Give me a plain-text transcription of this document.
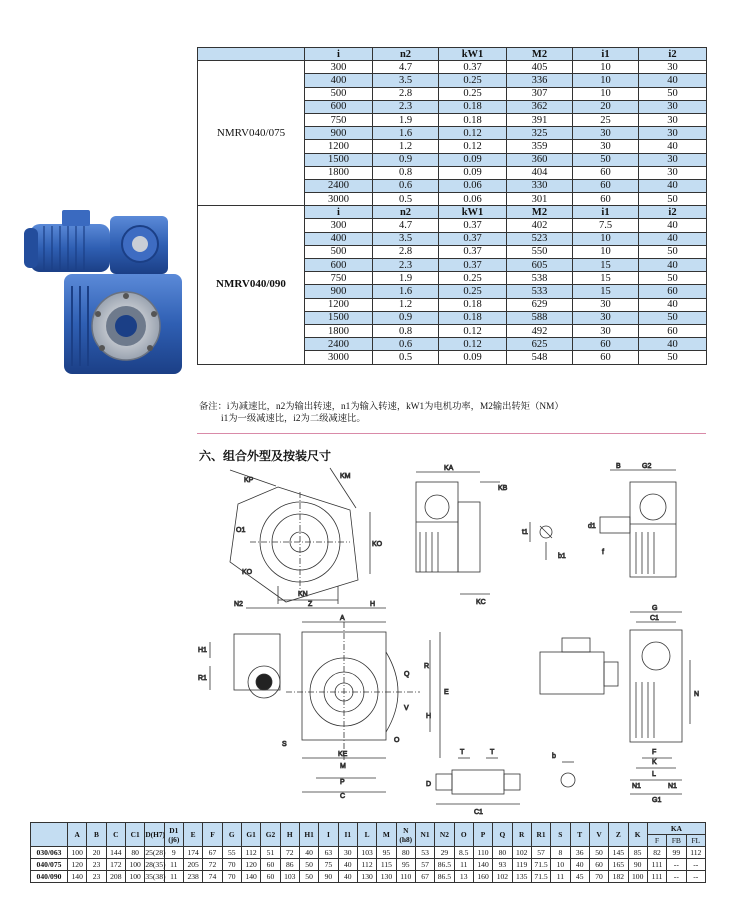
	i	n2	kW1	M2	i1	i2
NMRV040/075	300	4.7	0.37	405	10	30
	400	3.5	0.25	336	10	40
	500	2.8	0.25	307	10	50
	600	2.3	0.18	362	20	30
	750	1.9	0.18	391	25	30
	900	1.6	0.12	325	30	30
	1200	1.2	0.12	359	30	40
	1500	0.9	0.09	360	50	30
	1800	0.8	0.09	404	60	30
	2400	0.6	0.06	330	60	40
	3000	0.5	0.06	301	60	50
NMRV040/090	i	n2	kW1	M2	i1	i2
	300	4.7	0.37	402	7.5	40
	400	3.5	0.37	523	10	40
	500	2.8	0.37	550	10	50
	600	2.3	0.37	605	15	40
	750	1.9	0.25	538	15	50
	900	1.6	0.25	533	15	60
	1200	1.2	0.18	629	30	40
	1500	0.9	0.18	588	30	50
	1800	0.8	0.12	492	30	60
	2400	0.6	0.12	625	60	40
	3000	0.5	0.09	548	60	50
备注：i为减速比，n2为输出转速，n1为输入转速，kW1为电机功率，M2输出转矩（NM）
i1为一级减速比，i2为二级减速比。
六、组合外型及按装尺寸
KP
KM
O1
KO
KO
KN
KA
KB
KC
t1
b1
B	G2
d1
f
N2	Z	H
A
H1
R1
S
Q
R
E
V
H
O
KE
M
P
C
T	T
D
C1
b
G
C1
N
F
K
L
N1	N1
G1
	A	B	C	C1	D(H7)	D1 (j6)	E	F	G	G1	G2	H	H1	I	I1	L	M	N (h8)	N1	N2	O	P	Q	R	R1	S	T	V	Z	K	KA		
																															F	FB	FL
030/063	100	20	144	80	25(28)	9	174	67	55	112	51	72	40	63	30	103	95	80	53	29	8.5	110	80	102	57	8	36	50	145	85	82	99	112
040/075	120	23	172	100	28(35)	11	205	72	70	120	60	86	50	75	40	112	115	95	57	86.5	11	140	93	119	71.5	10	40	60	165	90	111	--	--
040/090	140	23	208	100	35(38)	11	238	74	70	140	60	103	50	90	40	130	130	110	67	86.5	13	160	102	135	71.5	11	45	70	182	100	111	--	--
